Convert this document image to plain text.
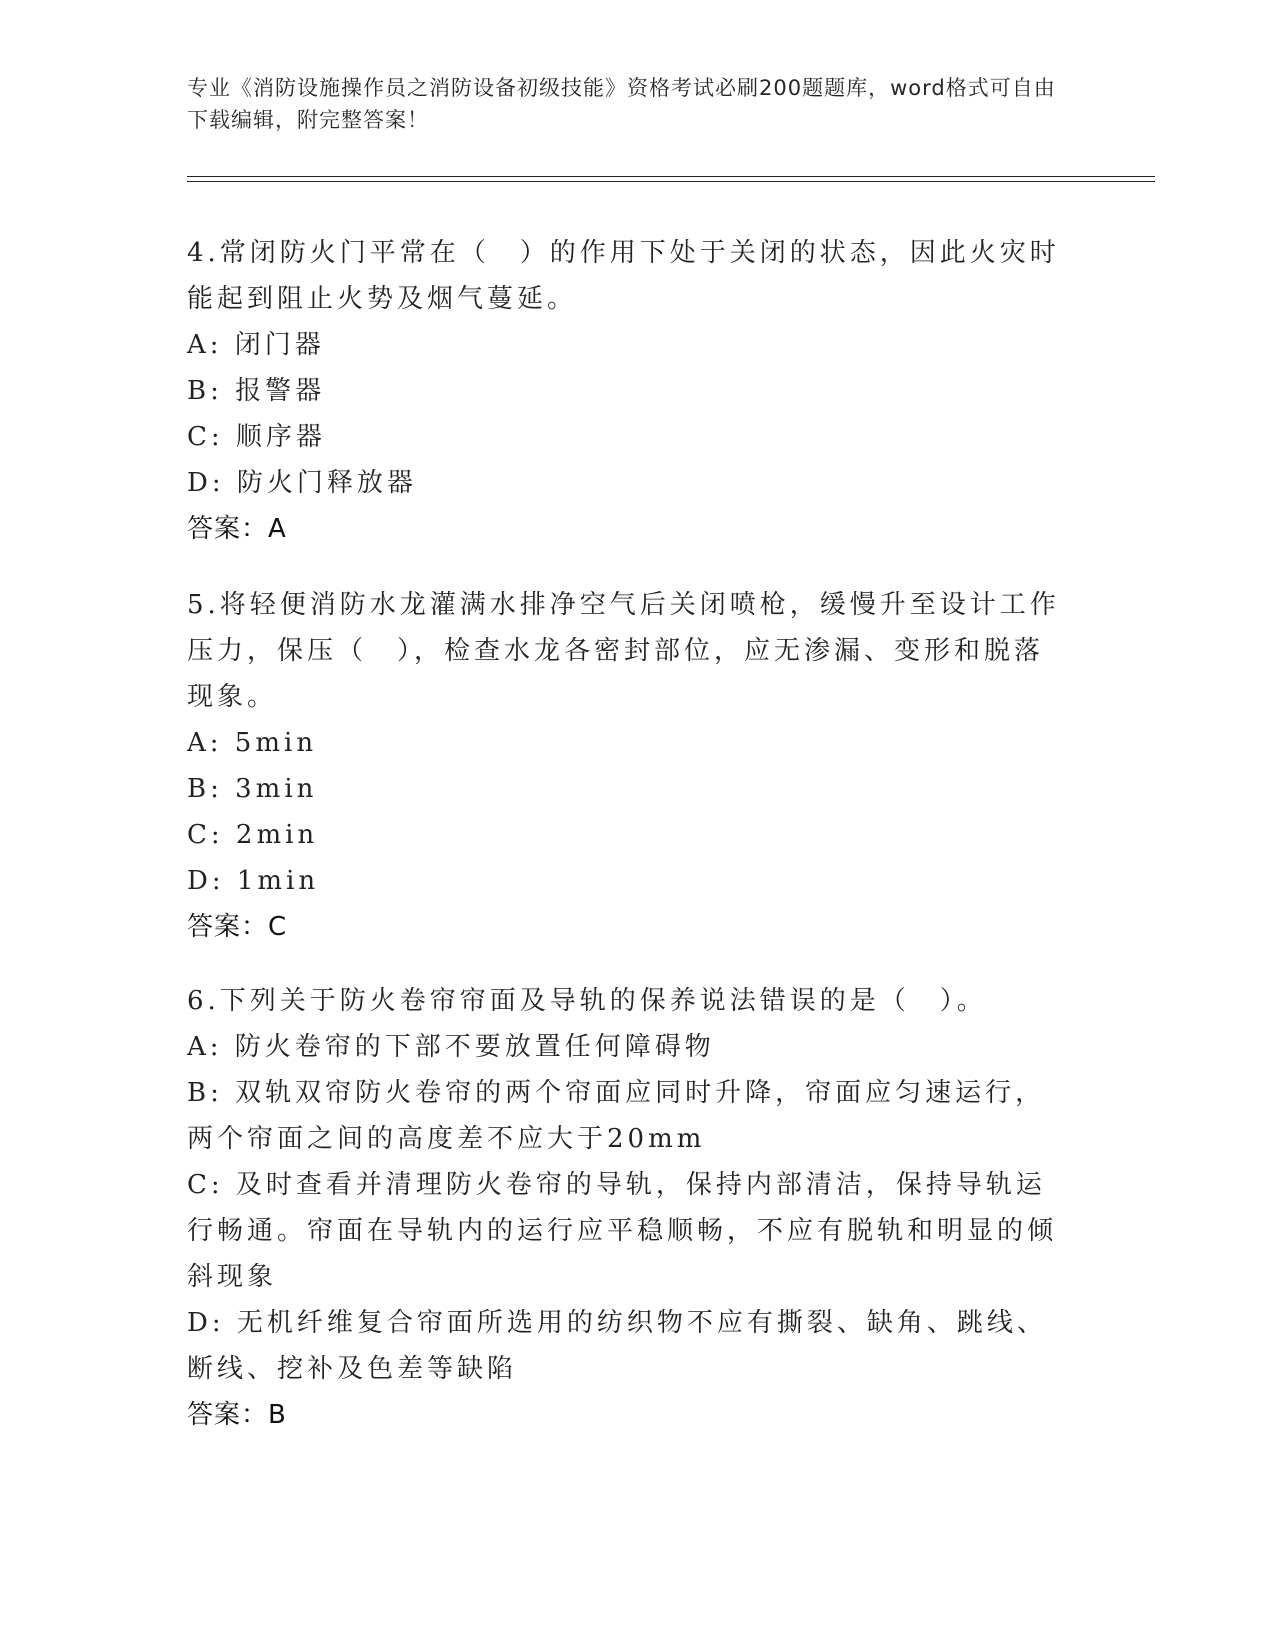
专业《消防设施操作员之消防设备初级技能》资格考试必刷200题题库，word格式可自由下载编辑，附完整答案！

4.常闭防火门平常在（　）的作用下处于关闭的状态，因此火灾时能起到阻止火势及烟气蔓延。

A: 闭门器

B: 报警器

C: 顺序器

D: 防火门释放器

答案：A

5.将轻便消防水龙灌满水排净空气后关闭喷枪，缓慢升至设计工作压力，保压（　），检查水龙各密封部位，应无渗漏、变形和脱落现象。

A: 5min

B: 3min

C: 2min

D: 1min

答案：C

6.下列关于防火卷帘帘面及导轨的保养说法错误的是（　）。

A: 防火卷帘的下部不要放置任何障碍物

B: 双轨双帘防火卷帘的两个帘面应同时升降，帘面应匀速运行，两个帘面之间的高度差不应大于20mm

C: 及时查看并清理防火卷帘的导轨，保持内部清洁，保持导轨运行畅通。帘面在导轨内的运行应平稳顺畅，不应有脱轨和明显的倾斜现象

D: 无机纤维复合帘面所选用的纺织物不应有撕裂、缺角、跳线、断线、挖补及色差等缺陷

答案：B
